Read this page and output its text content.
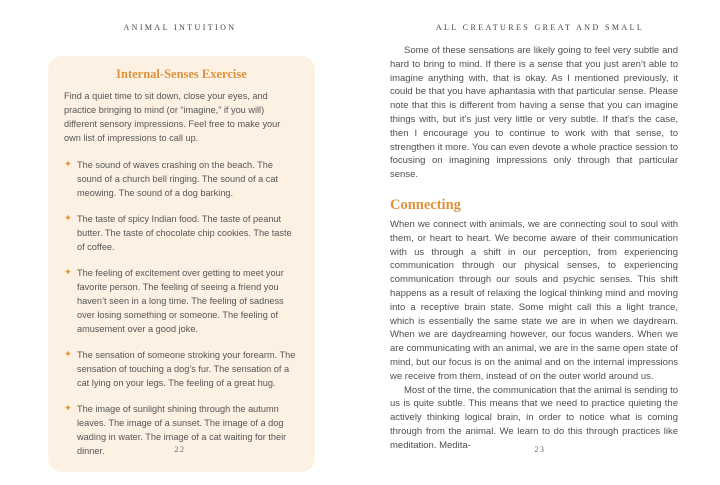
ANIMAL INTUITION
Internal-Senses Exercise

Find a quiet time to sit down, close your eyes, and practice bringing to mind (or “imagine,” if you will) different sensory impressions. Feel free to make your own list of impressions to call up.

✦ The sound of waves crashing on the beach. The sound of a church bell ringing. The sound of a cat meowing. The sound of a dog barking.
✦ The taste of spicy Indian food. The taste of peanut butter. The taste of chocolate chip cookies. The taste of coffee.
✦ The feeling of excitement over getting to meet your favorite person. The feeling of seeing a friend you haven’t seen in a long time. The feeling of sadness over losing something or someone. The feeling of amusement over a good joke.
✦ The sensation of someone stroking your forearm. The sensation of touching a dog’s fur. The sensation of a cat lying on your legs. The feeling of a great hug.
✦ The image of sunlight shining through the autumn leaves. The image of a sunset. The image of a dog wading in water. The image of a cat waiting for their dinner.	22
ALL CREATURES GREAT AND SMALL

Some of these sensations are likely going to feel very subtle and hard to bring to mind. If there is a sense that you just aren’t able to imagine anything with, that is okay. As I mentioned previously, it could be that you have aphantasia with that particular sense. Please note that this is different from having a sense that you can imagine things with, but it’s just very little or very subtle. If that’s the case, then I encourage you to continue to work with that sense, to strengthen it more. You can even devote a whole practice session to focusing on imagining impressions only through that particular sense.

Connecting

When we connect with animals, we are connecting soul to soul with them, or heart to heart. We become aware of their communication with us through a shift in our perception, from experiencing communication through our physical senses, to experiencing communication through our souls and psychic senses. This shift happens as a result of relaxing the logical thinking mind and moving into a receptive brain state. Some might call this a light trance, which is essentially the same state we are in when we daydream. When we are daydreaming however, our focus wanders. When we are communicating with an animal, we are in the same open state of mind, but our focus is on the animal and on the internal impressions we receive from them, instead of on the outer world around us.

Most of the time, the communication that the animal is sending to us is quite subtle. This means that we need to practice quieting the actively thinking logical brain, in order to notice what is coming through from the animal. We learn to do this through practices like meditation. Medita-	23
